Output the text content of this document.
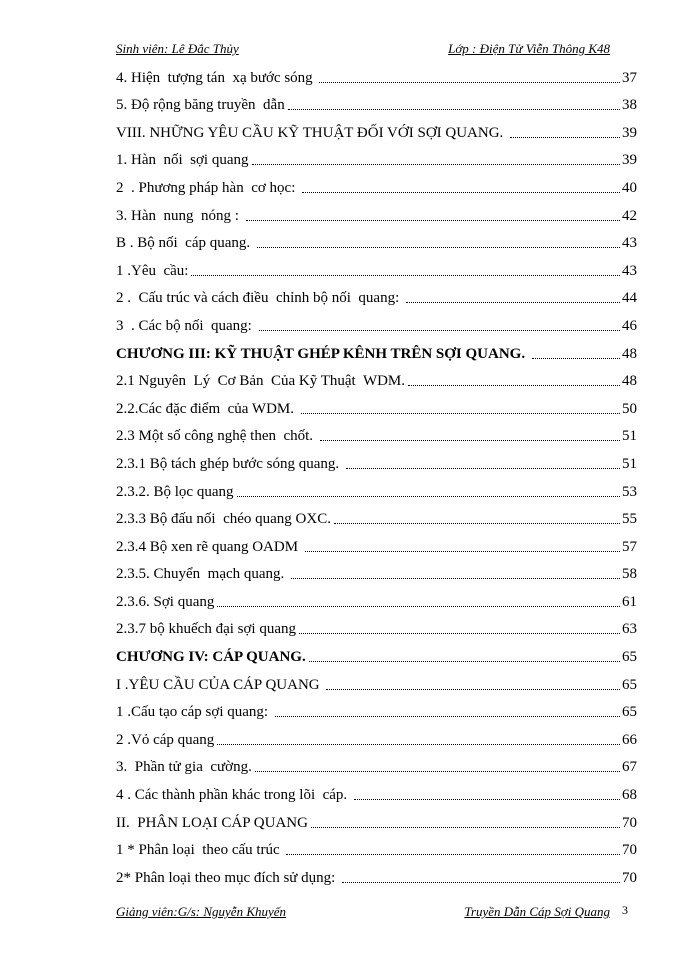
Sinh viên: Lê Đắc Thủy	Lớp : Điện Tử Viễn Thông K48
4. Hiện  tượng tán  xạ bước sóng	37
5. Độ rộng băng truyền  dẫn	38
VIII. NHỮNG YÊU CẦU KỸ THUẬT ĐỐI VỚI SỢI QUANG.	39
1. Hàn  nối  sợi quang	39
2  . Phương pháp hàn  cơ học:	40
3. Hàn  nung  nóng :	42
B . Bộ nối  cáp quang.	43
1 .Yêu  cầu:	43
2 .  Cấu trúc và cách điều  chỉnh bộ nối  quang:	44
3  . Các bộ nối  quang:	46
CHƯƠNG III: KỸ THUẬT GHÉP KÊNH TRÊN SỢI QUANG.	48
2.1 Nguyên  Lý  Cơ Bản  Của Kỹ Thuật  WDM.	48
2.2.Các đặc điểm  của WDM.	50
2.3 Một số công nghệ then  chốt.	51
2.3.1 Bộ tách ghép bước sóng quang.	51
2.3.2. Bộ lọc quang	53
2.3.3 Bộ đấu nối  chéo quang OXC.	55
2.3.4 Bộ xen rẽ quang OADM	57
2.3.5. Chuyển  mạch quang.	58
2.3.6. Sợi quang	61
2.3.7 bộ khuếch đại sợi quang	63
CHƯƠNG IV: CÁP QUANG.	65
I .YÊU CẦU CỦA CÁP QUANG	65
1 .Cấu tạo cáp sợi quang:	65
2 .Vỏ cáp quang	66
3.  Phần tử gia  cường.	67
4 . Các thành phần khác trong lõi  cáp.	68
II.  PHÂN LOẠI CÁP QUANG	70
1 * Phân loại  theo cấu trúc	70
2* Phân loại theo mục đích sử dụng:	70
Giảng viên:G/s: Nguyễn Khuyến	Truyền Dẫn Cáp Sợi Quang 3
